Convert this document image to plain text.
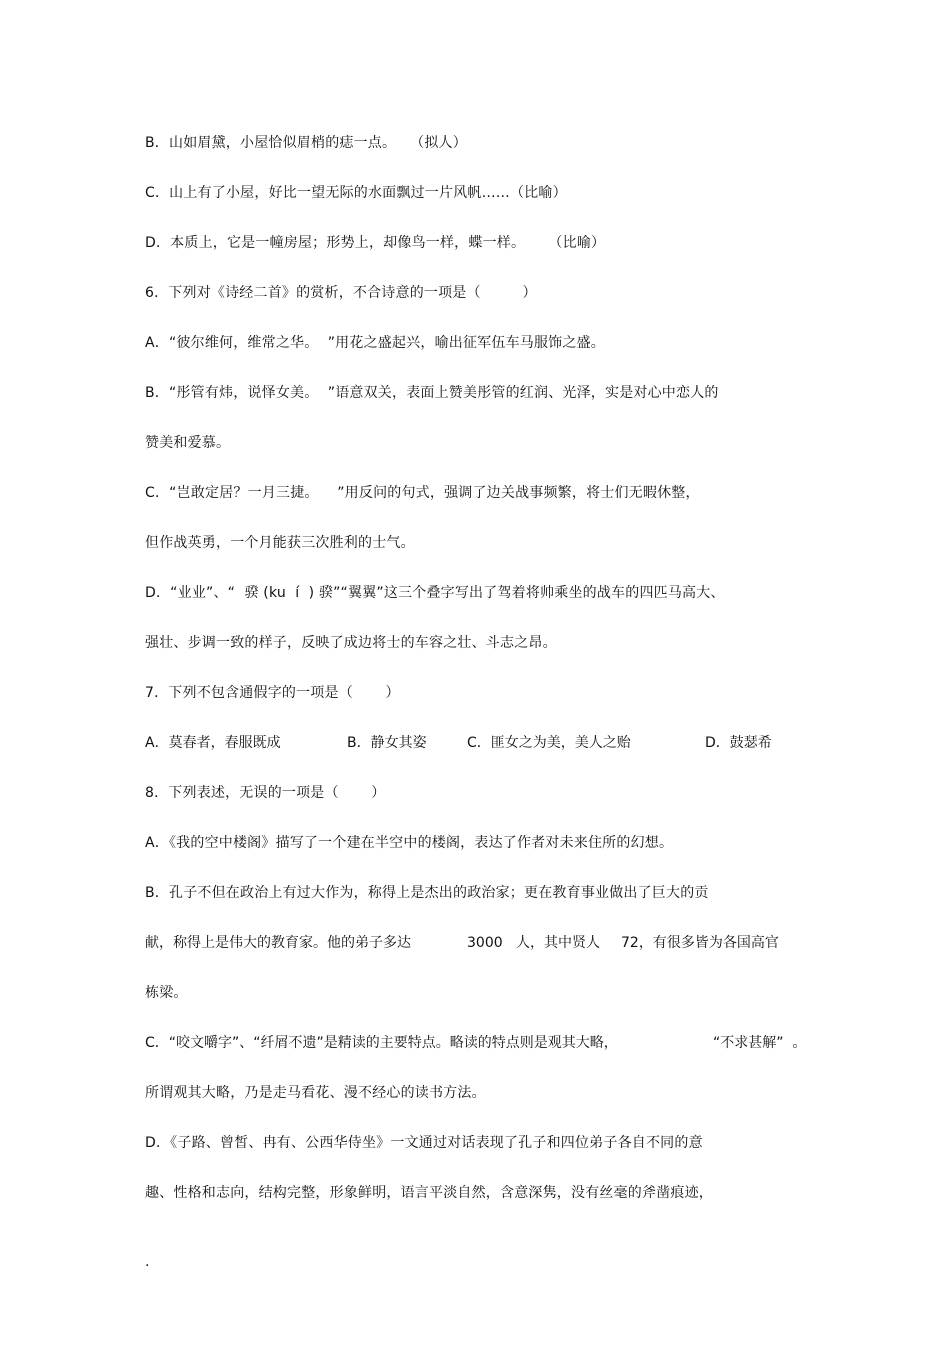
B．山如眉黛，小屋恰似眉梢的痣一点。   （拟人）
C．山上有了小屋，好比一望无际的水面飘过一片风帆……（比喻）
D．本质上，它是一幢房屋；形势上，却像鸟一样，蝶一样。     （比喻）
6．下列对《诗经二首》的赏析，不合诗意的一项是（         ）
A．“彼尔维何，维常之华。  ”用花之盛起兴，喻出征军伍车马服饰之盛。
B．“彤管有炜，说怿女美。  ”语意双关，表面上赞美彤管的红润、光泽，实是对心中恋人的
赞美和爱慕。
C．“岂敢定居？一月三捷。    ”用反问的句式，强调了边关战事频繁，将士们无暇休整，
但作战英勇，一个月能获三次胜利的士气。
D．“业业”、“  骙 (ku  í  ) 骙”“翼翼”这三个叠字写出了驾着将帅乘坐的战车的四匹马高大、
强壮、步调一致的样子，反映了成边将士的车容之壮、斗志之昂。
7．下列不包含通假字的一项是（       ）

A．莫春者，春服既成

	B．静女其姿

	C．匪女之为美，美人之贻

	D．鼓瑟希

8．下列表述，无误的一项是（       ）
A．《我的空中楼阁》描写了一个建在半空中的楼阁，表达了作者对未来住所的幻想。
B．孔子不但在政治上有过大作为，称得上是杰出的政治家；更在教育事业做出了巨大的贡

献，称得上是伟大的教育家。他的弟子多达

	3000   人，其中贤人

72，有很多皆为各国高官

栋梁。

C．“咬文嚼字”、“纤屑不遗”是精读的主要特点。略读的特点则是观其大略，

	“不求甚解”  。

所谓观其大略，乃是走马看花、漫不经心的读书方法。
D．《子路、曾皙、冉有、公西华侍坐》一文通过对话表现了孔子和四位弟子各自不同的意
趣、性格和志向，结构完整，形象鲜明，语言平淡自然，含意深隽，没有丝毫的斧凿痕迹，
.
